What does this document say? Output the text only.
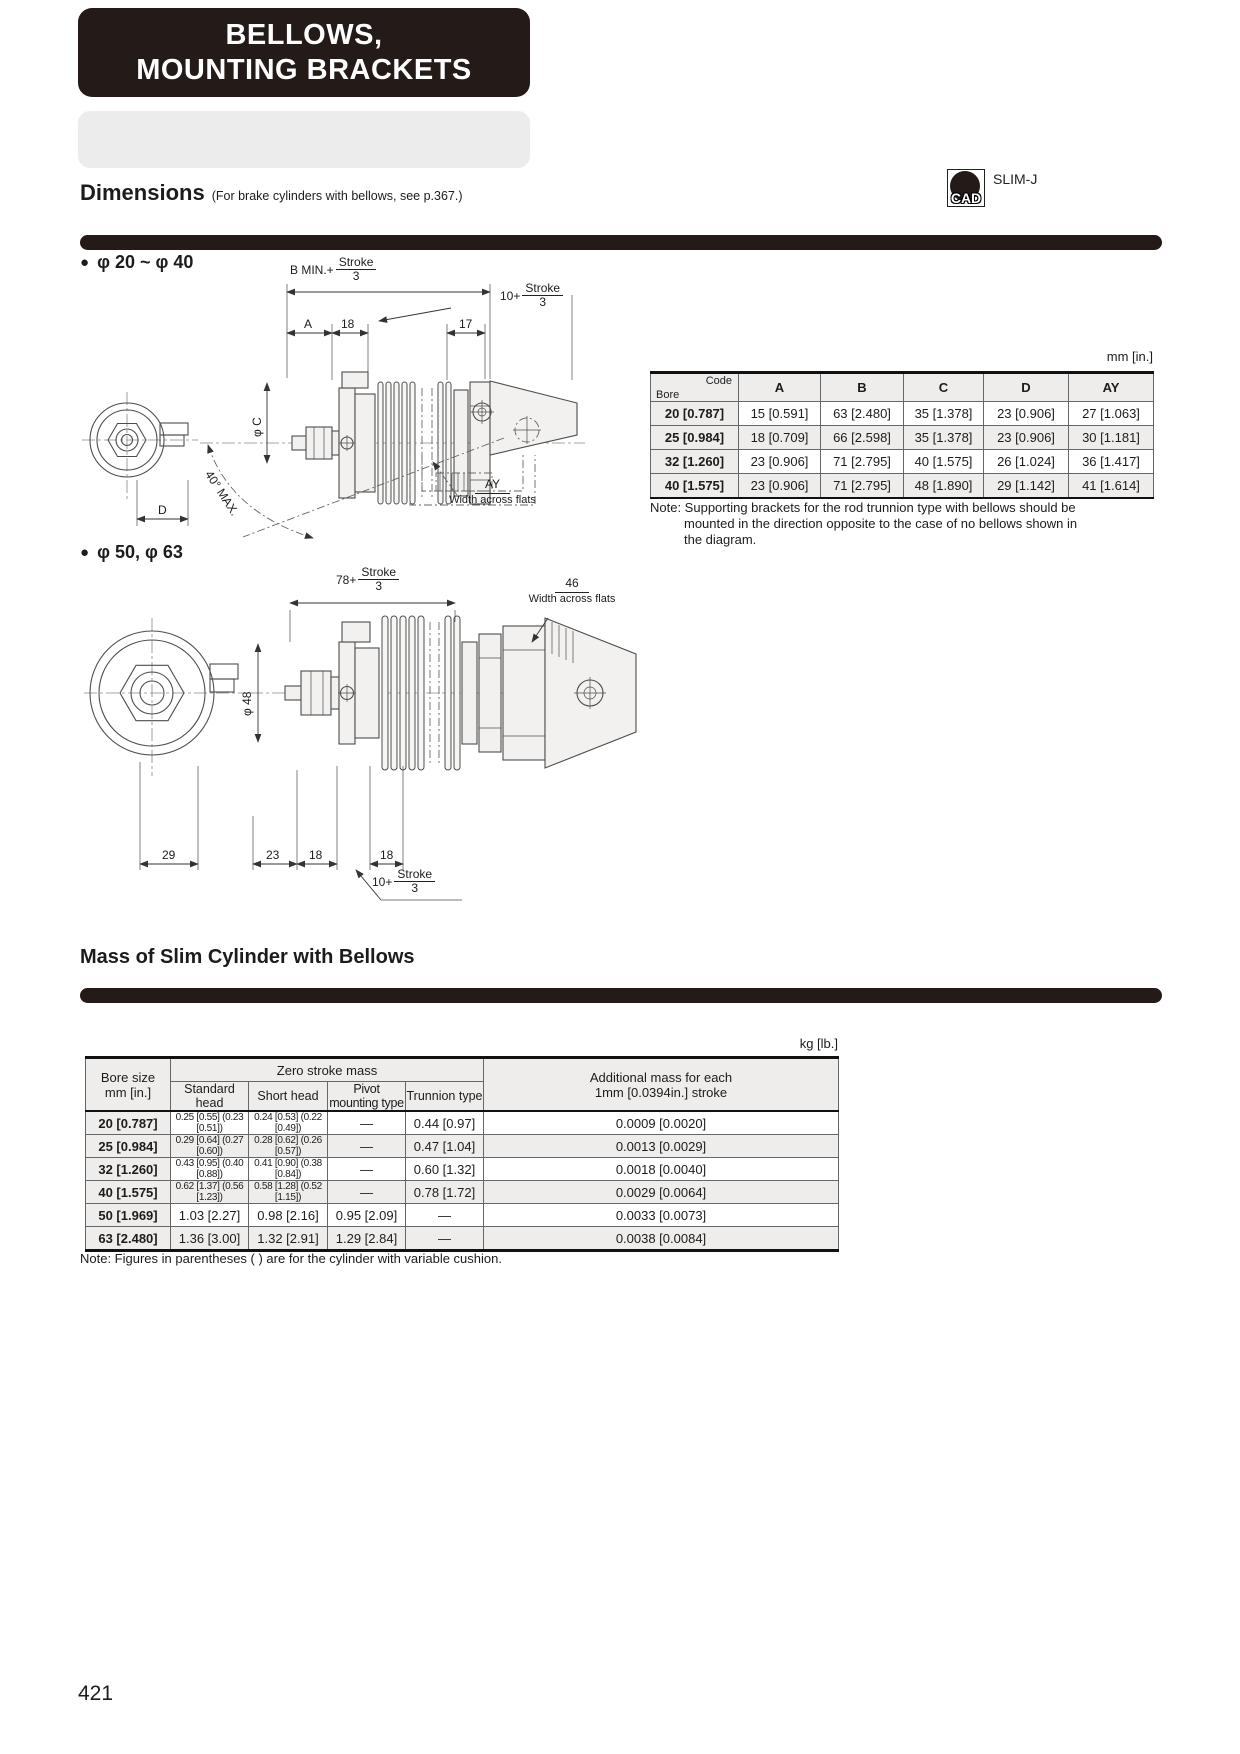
BELLOWS,
MOUNTING BRACKETS
CAD
SLIM-J
Dimensions (For brake cylinders with bellows, see p.367.)
● φ 20 ~ φ 40	B $MIN.+ \frac{\text{Stroke}}{3}$
$10+ \frac{\text{Stroke}}{3}$
A 18	17
φ C
D	40° MAX.	AY
Width across flats
mm [in.]
Code
Bore	A	B	C	D	AY
20 [0.787]	15 [0.591]	63 [2.480]	35 [1.378]	23 [0.906]	27 [1.063]
25 [0.984]	18 [0.709]	66 [2.598]	35 [1.378]	23 [0.906]	30 [1.181]
32 [1.260]	23 [0.906]	71 [2.795]	40 [1.575]	26 [1.024]	36 [1.417]
40 [1.575]	23 [0.906]	71 [2.795]	48 [1.890]	29 [1.142]	41 [1.614]
Note: Supporting brackets for the rod trunnion type with bellows should be
mounted in the direction opposite to the case of no bellows shown in
the diagram.
● φ 50, φ 63
$78+ \frac{\text{Stroke}}{3}$	46
Width across flats
φ 48
29	23 18	18
$10+ \frac{\text{Stroke}}{3}$
Mass of Slim Cylinder with Bellows
kg [lb.]
Bore size
mm [in.]
	Zero stroke mass	Additional mass for each
1mm [0.0394in.] stroke

	Standard head	Short head	Pivot mounting type	Trunnion type	
20 [0.787]	0.25 [0.55] (0.23 [0.51])	0.24 [0.53] (0.22 [0.49])	—	0.44 [0.97]	0.0009 [0.0020]
25 [0.984]	0.29 [0.64] (0.27 [0.60])	0.28 [0.62] (0.26 [0.57])	—	0.47 [1.04]	0.0013 [0.0029]
32 [1.260]	0.43 [0.95] (0.40 [0.88])	0.41 [0.90] (0.38 [0.84])	—	0.60 [1.32]	0.0018 [0.0040]
40 [1.575]	0.62 [1.37] (0.56 [1.23])	0.58 [1.28] (0.52 [1.15])	—	0.78 [1.72]	0.0029 [0.0064]
50 [1.969]	1.03 [2.27]	0.98 [2.16]	0.95 [2.09]	—	0.0033 [0.0073]
63 [2.480]	1.36 [3.00]	1.32 [2.91]	1.29 [2.84]	—	0.0038 [0.0084]
Note: Figures in parentheses ( ) are for the cylinder with variable cushion.
421
